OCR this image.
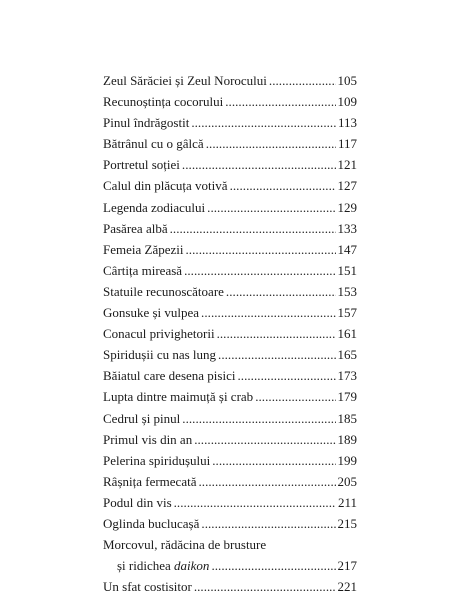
Zeul Sărăciei și Zeul Norocului . . .	105
Recunoștința cocorului . . .	109
Pinul îndrăgostit . . .	113
Bătrânul cu o gâlcă . . .	117
Portretul soției . . .	121
Calul din plăcuța votivă . . .	127
Legenda zodiacului . . .	129
Pasărea albă . . .	133
Femeia Zăpezii . . .	147
Cârtița mireasă . . .	151
Statuile recunoscătoare . . .	153
Gonsuke și vulpea . . .	157
Conacul privighetorii . . .	161
Spiridușii cu nas lung . . .	165
Băiatul care desena pisici . . .	173
Lupta dintre maimuță și crab . . .	179
Cedrul și pinul . . .	185
Primul vis din an . . .	189
Pelerina spiridușului . . .	199
Râșnița fermecată . . .	205
Podul din vis . . .	211
Oglinda buclucașă . . .	215
Morcovul, rădăcina de brusture
și ridichea daikon . . .	217
Un sfat costisitor . . .	221
